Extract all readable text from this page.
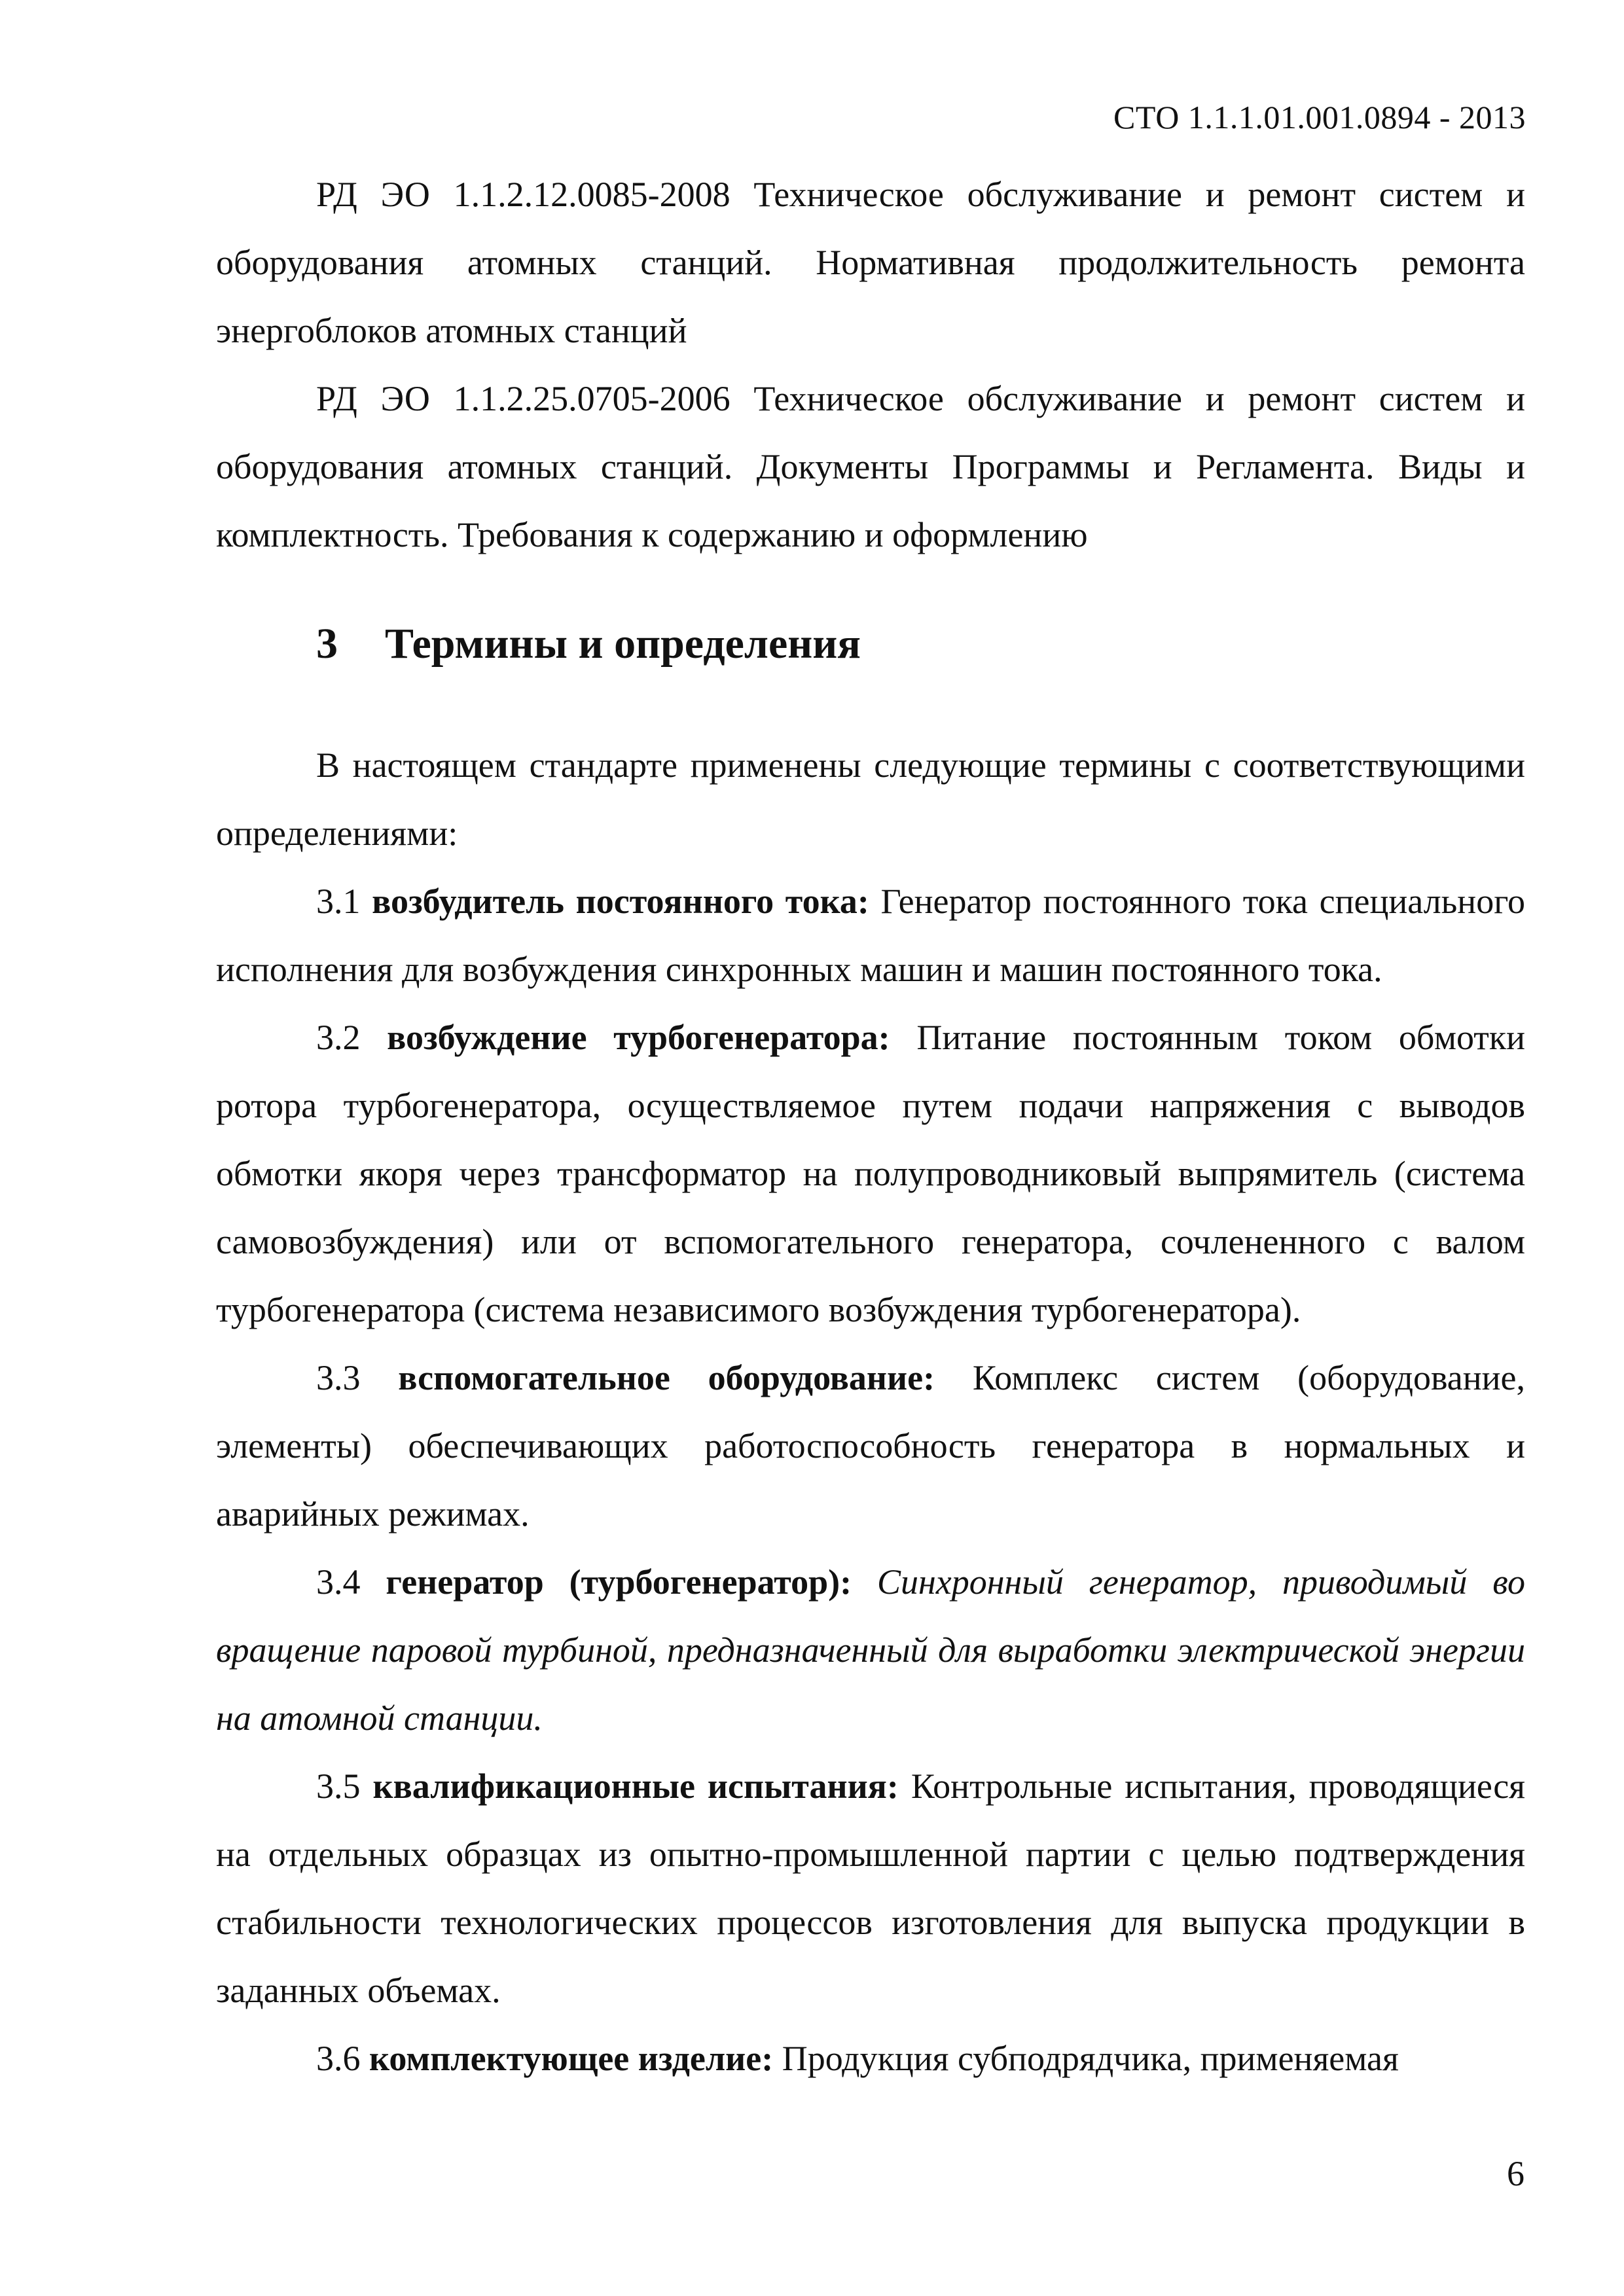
СТО 1.1.1.01.001.0894 - 2013

РД ЭО 1.1.2.12.0085-2008 Техническое обслуживание и ремонт систем и оборудования атомных станций. Нормативная продолжительность ремонта энергоблоков атомных станций

РД ЭО 1.1.2.25.0705-2006 Техническое обслуживание и ремонт систем и оборудования атомных станций. Документы Программы и Регламента. Виды и комплектность. Требования к содержанию и оформлению

3 Термины и определения

В настоящем стандарте применены следующие термины с соответствующими определениями:

3.1 возбудитель постоянного тока: Генератор постоянного тока специального исполнения для возбуждения синхронных машин и машин постоянного тока.

3.2 возбуждение турбогенератора: Питание постоянным током обмотки ротора турбогенератора, осуществляемое путем подачи напряжения с выводов обмотки якоря через трансформатор на полупроводниковый выпрямитель (система самовозбуждения) или от вспомогательного генератора, сочлененного с валом турбогенератора (система независимого возбуждения турбогенератора).

3.3 вспомогательное оборудование: Комплекс систем (оборудование, элементы) обеспечивающих работоспособность генератора в нормальных и аварийных режимах.

3.4 генератор (турбогенератор): Синхронный генератор, приводимый во вращение паровой турбиной, предназначенный для выработки электрической энергии на атомной станции.

3.5 квалификационные испытания: Контрольные испытания, проводящиеся на отдельных образцах из опытно-промышленной партии с целью подтверждения стабильности технологических процессов изготовления для выпуска продукции в заданных объемах.

3.6 комплектующее изделие: Продукция субподрядчика, применяемая

6
